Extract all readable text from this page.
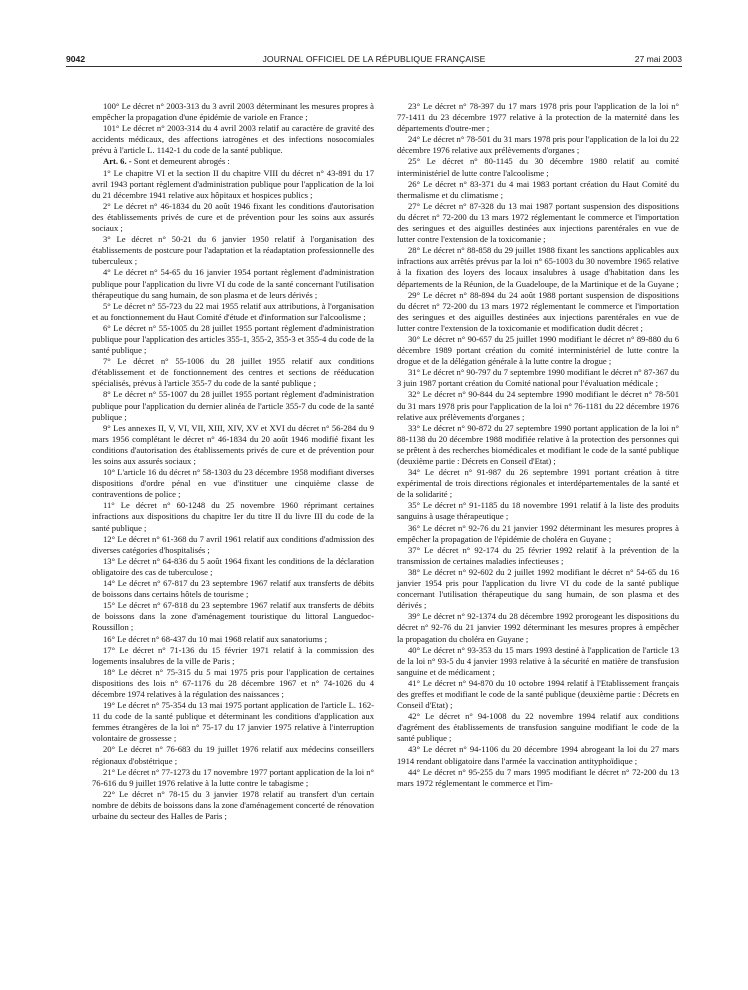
9042	JOURNAL OFFICIEL DE LA RÉPUBLIQUE FRANÇAISE	27 mai 2003

100° Le décret n° 2003-313 du 3 avril 2003 déterminant les mesures propres à empêcher la propagation d'une épidémie de variole en France ;

101° Le décret n° 2003-314 du 4 avril 2003 relatif au caractère de gravité des accidents médicaux, des affections iatrogènes et des infections nosocomiales prévu à l'article L. 1142-1 du code de la santé publique.

Art. 6. - Sont et demeurent abrogés :

1° Le chapitre VI et la section II du chapitre VIII du décret n° 43-891 du 17 avril 1943 portant règlement d'administration publique pour l'application de la loi du 21 décembre 1941 relative aux hôpitaux et hospices publics ;

2° Le décret n° 46-1834 du 20 août 1946 fixant les conditions d'autorisation des établissements privés de cure et de prévention pour les soins aux assurés sociaux ;

3° Le décret n° 50-21 du 6 janvier 1950 relatif à l'organisation des établissements de postcure pour l'adaptation et la réadaptation professionnelle des tuberculeux ;

4° Le décret n° 54-65 du 16 janvier 1954 portant règlement d'administration publique pour l'application du livre VI du code de la santé concernant l'utilisation thérapeutique du sang humain, de son plasma et de leurs dérivés ;

5° Le décret n° 55-723 du 22 mai 1955 relatif aux attributions, à l'organisation et au fonctionnement du Haut Comité d'étude et d'information sur l'alcoolisme ;

6° Le décret n° 55-1005 du 28 juillet 1955 portant règlement d'administration publique pour l'application des articles 355-1, 355-2, 355-3 et 355-4 du code de la santé publique ;

7° Le décret n° 55-1006 du 28 juillet 1955 relatif aux conditions d'établissement et de fonctionnement des centres et sections de rééducation spécialisés, prévus à l'article 355-7 du code de la santé publique ;

8° Le décret n° 55-1007 du 28 juillet 1955 portant règlement d'administration publique pour l'application du dernier alinéa de l'article 355-7 du code de la santé publique ;

9° Les annexes II, V, VI, VII, XIII, XIV, XV et XVI du décret n° 56-284 du 9 mars 1956 complétant le décret n° 46-1834 du 20 août 1946 modifié fixant les conditions d'autorisation des établissements privés de cure et de prévention pour les soins aux assurés sociaux ;

10° L'article 16 du décret n° 58-1303 du 23 décembre 1958 modifiant diverses dispositions d'ordre pénal en vue d'instituer une cinquième classe de contraventions de police ;

11° Le décret n° 60-1248 du 25 novembre 1960 réprimant certaines infractions aux dispositions du chapitre Ier du titre II du livre III du code de la santé publique ;

12° Le décret n° 61-368 du 7 avril 1961 relatif aux conditions d'admission des diverses catégories d'hospitalisés ;

13° Le décret n° 64-836 du 5 août 1964 fixant les conditions de la déclaration obligatoire des cas de tuberculose ;

14° Le décret n° 67-817 du 23 septembre 1967 relatif aux transferts de débits de boissons dans certains hôtels de tourisme ;

15° Le décret n° 67-818 du 23 septembre 1967 relatif aux transferts de débits de boissons dans la zone d'aménagement touristique du littoral Languedoc-Roussillon ;

16° Le décret n° 68-437 du 10 mai 1968 relatif aux sanatoriums ;

17° Le décret n° 71-136 du 15 février 1971 relatif à la commission des logements insalubres de la ville de Paris ;

18° Le décret n° 75-315 du 5 mai 1975 pris pour l'application de certaines dispositions des lois n° 67-1176 du 28 décembre 1967 et n° 74-1026 du 4 décembre 1974 relatives à la régulation des naissances ;

19° Le décret n° 75-354 du 13 mai 1975 portant application de l'article L. 162-11 du code de la santé publique et déterminant les conditions d'application aux femmes étrangères de la loi n° 75-17 du 17 janvier 1975 relative à l'interruption volontaire de grossesse ;

20° Le décret n° 76-683 du 19 juillet 1976 relatif aux médecins conseillers régionaux d'obstétrique ;

21° Le décret n° 77-1273 du 17 novembre 1977 portant application de la loi n° 76-616 du 9 juillet 1976 relative à la lutte contre le tabagisme ;

22° Le décret n° 78-15 du 3 janvier 1978 relatif au transfert d'un certain nombre de débits de boissons dans la zone d'aménagement concerté de rénovation urbaine du secteur des Halles de Paris ;

23° Le décret n° 78-397 du 17 mars 1978 pris pour l'application de la loi n° 77-1411 du 23 décembre 1977 relative à la protection de la maternité dans les départements d'outre-mer ;

24° Le décret n° 78-501 du 31 mars 1978 pris pour l'application de la loi du 22 décembre 1976 relative aux prélèvements d'organes ;

25° Le décret n° 80-1145 du 30 décembre 1980 relatif au comité interministériel de lutte contre l'alcoolisme ;

26° Le décret n° 83-371 du 4 mai 1983 portant création du Haut Comité du thermalisme et du climatisme ;

27° Le décret n° 87-328 du 13 mai 1987 portant suspension des dispositions du décret n° 72-200 du 13 mars 1972 réglementant le commerce et l'importation des seringues et des aiguilles destinées aux injections parentérales en vue de lutter contre l'extension de la toxicomanie ;

28° Le décret n° 88-858 du 29 juillet 1988 fixant les sanctions applicables aux infractions aux arrêtés prévus par la loi n° 65-1003 du 30 novembre 1965 relative à la fixation des loyers des locaux insalubres à usage d'habitation dans les départements de la Réunion, de la Guadeloupe, de la Martinique et de la Guyane ;

29° Le décret n° 88-894 du 24 août 1988 portant suspension de dispositions du décret n° 72-200 du 13 mars 1972 réglementant le commerce et l'importation des seringues et des aiguilles destinées aux injections parentérales en vue de lutter contre l'extension de la toxicomanie et modification dudit décret ;

30° Le décret n° 90-657 du 25 juillet 1990 modifiant le décret n° 89-880 du 6 décembre 1989 portant création du comité interministériel de lutte contre la drogue et de la délégation générale à la lutte contre la drogue ;

31° Le décret n° 90-797 du 7 septembre 1990 modifiant le décret n° 87-367 du 3 juin 1987 portant création du Comité national pour l'évaluation médicale ;

32° Le décret n° 90-844 du 24 septembre 1990 modifiant le décret n° 78-501 du 31 mars 1978 pris pour l'application de la loi n° 76-1181 du 22 décembre 1976 relative aux prélèvements d'organes ;

33° Le décret n° 90-872 du 27 septembre 1990 portant application de la loi n° 88-1138 du 20 décembre 1988 modifiée relative à la protection des personnes qui se prêtent à des recherches biomédicales et modifiant le code de la santé publique (deuxième partie : Décrets en Conseil d'Etat) ;

34° Le décret n° 91-987 du 26 septembre 1991 portant création à titre expérimental de trois directions régionales et interdépartementales de la santé et de la solidarité ;

35° Le décret n° 91-1185 du 18 novembre 1991 relatif à la liste des produits sanguins à usage thérapeutique ;

36° Le décret n° 92-76 du 21 janvier 1992 déterminant les mesures propres à empêcher la propagation de l'épidémie de choléra en Guyane ;

37° Le décret n° 92-174 du 25 février 1992 relatif à la prévention de la transmission de certaines maladies infectieuses ;

38° Le décret n° 92-602 du 2 juillet 1992 modifiant le décret n° 54-65 du 16 janvier 1954 pris pour l'application du livre VI du code de la santé publique concernant l'utilisation thérapeutique du sang humain, de son plasma et des dérivés ;

39° Le décret n° 92-1374 du 28 décembre 1992 prorogeant les dispositions du décret n° 92-76 du 21 janvier 1992 déterminant les mesures propres à empêcher la propagation du choléra en Guyane ;

40° Le décret n° 93-353 du 15 mars 1993 destiné à l'application de l'article 13 de la loi n° 93-5 du 4 janvier 1993 relative à la sécurité en matière de transfusion sanguine et de médicament ;

41° Le décret n° 94-870 du 10 octobre 1994 relatif à l'Etablissement français des greffes et modifiant le code de la santé publique (deuxième partie : Décrets en Conseil d'Etat) ;

42° Le décret n° 94-1008 du 22 novembre 1994 relatif aux conditions d'agrément des établissements de transfusion sanguine modifiant le code de la santé publique ;

43° Le décret n° 94-1106 du 20 décembre 1994 abrogeant la loi du 27 mars 1914 rendant obligatoire dans l'armée la vaccination antityphoïdique ;

44° Le décret n° 95-255 du 7 mars 1995 modifiant le décret n° 72-200 du 13 mars 1972 réglementant le commerce et l'im-
